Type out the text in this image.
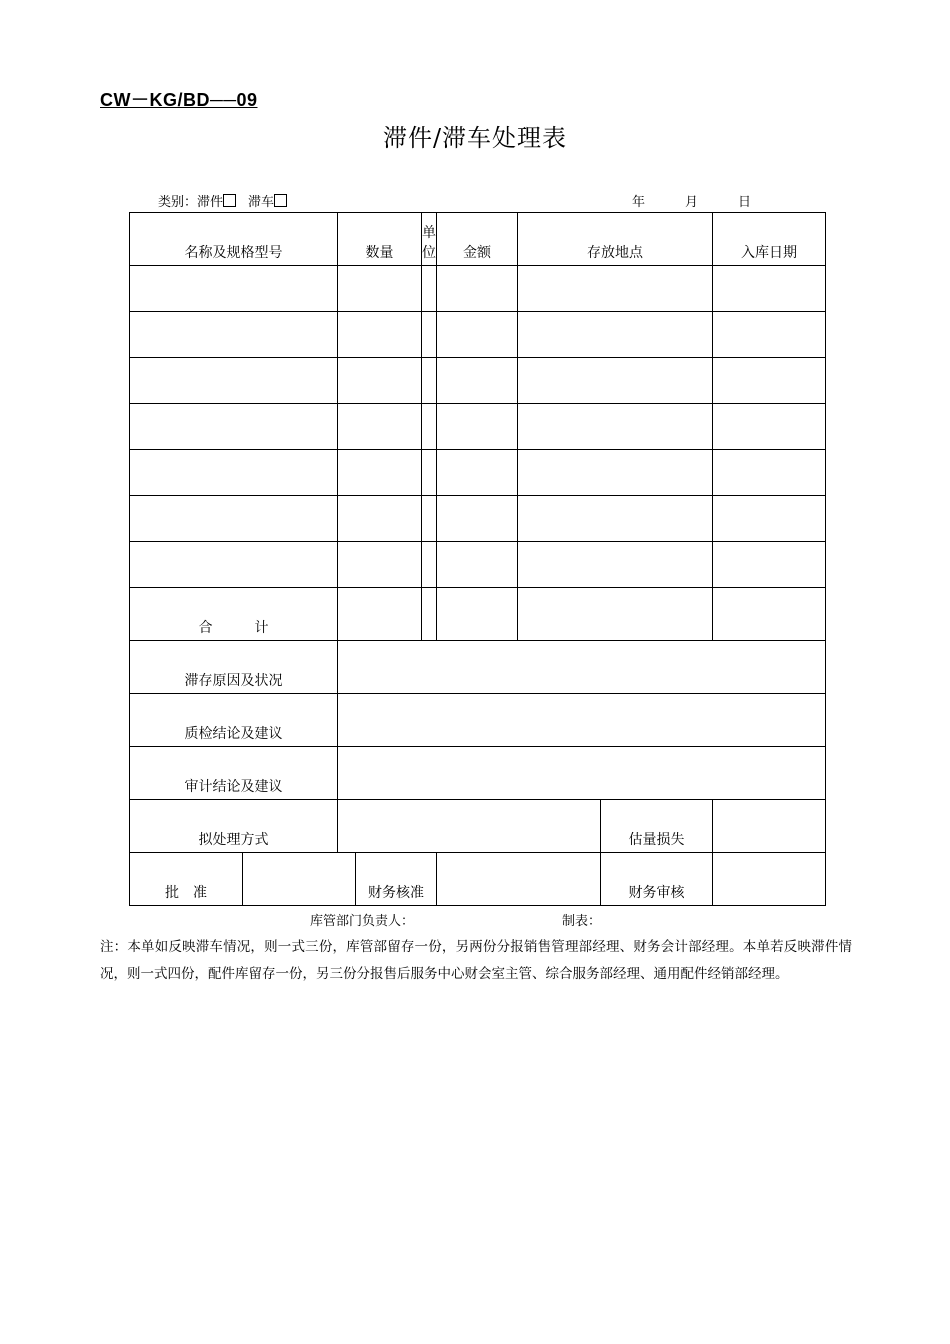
CW－KG/BD──09
滞件/滞车处理表
类别：滞件 滞车	年	月	日
名称及规格型号		数量		单位	金额	存放地点		入库日期

合　　　计								
滞存原因及状况								
质检结论及建议								
审计结论及建议								
拟处理方式							估量损失	
批　准			财务核准				财务审核	
库管部门负责人：	制表：
注：本单如反映滞车情况，则一式三份，库管部留存一份，另两份分报销售管理部经理、财务会计部经理。本单若反映滞件情况，则一式四份，配件库留存一份，另三份分报售后服务中心财会室主管、综合服务部经理、通用配件经销部经理。
